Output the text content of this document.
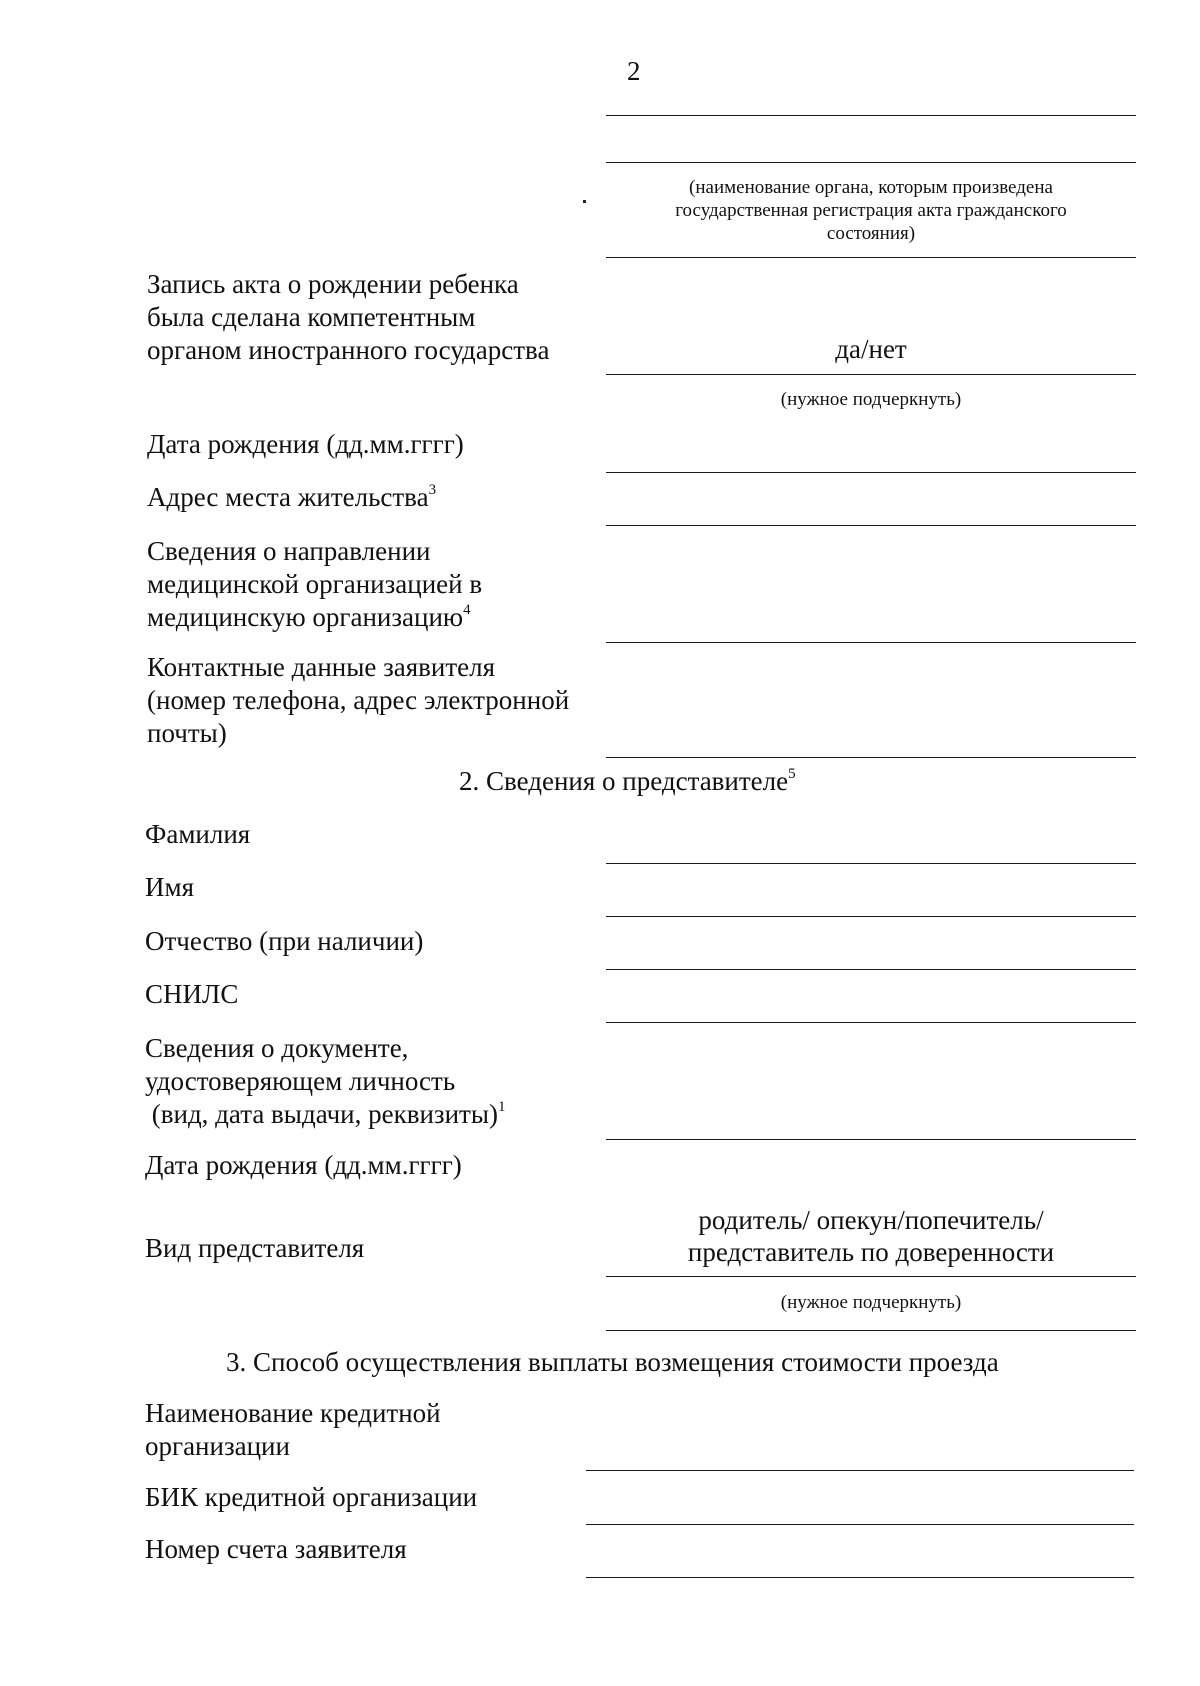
2
(наименование органа, которым произведена
государственная регистрация акта гражданского
состояния)
Запись акта о рождении ребенка
была сделана компетентным
органом иностранного государства	да/нет
(нужное подчеркнуть)
Дата рождения (дд.мм.гггг)
Адрес места жительства$^3$
Сведения о направлении
медицинской организацией в
медицинскую организацию$^4$
Контактные данные заявителя
(номер телефона, адрес электронной
почты)
2. Сведения о представителе$^5$
Фамилия
Имя
Отчество (при наличии)
СНИЛС
Сведения о документе,
удостоверяющем личность
(вид, дата выдачи, реквизиты)$^1$
Дата рождения (дд.мм.гггг)
родитель/ опекун/попечитель/
представитель по доверенности
Вид представителя
(нужное подчеркнуть)
3. Способ осуществления выплаты возмещения стоимости проезда
Наименование кредитной
организации
БИК кредитной организации
Номер счета заявителя
